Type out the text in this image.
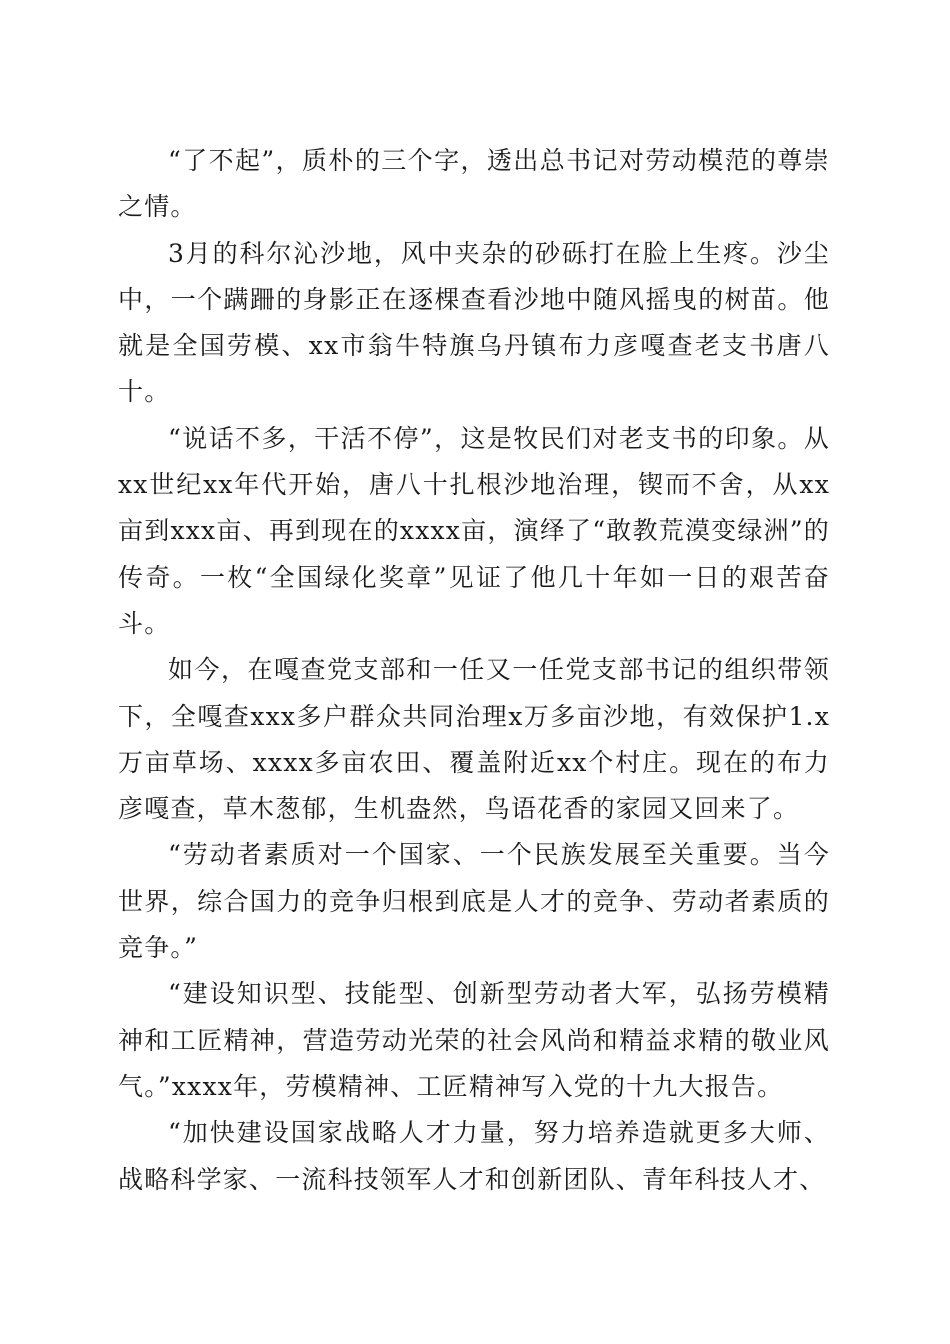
“了不起”，质朴的三个字，透出总书记对劳动模范的尊崇之情。

3月的科尔沁沙地，风中夹杂的砂砾打在脸上生疼。沙尘中，一个蹒跚的身影正在逐棵查看沙地中随风摇曳的树苗。他就是全国劳模、xx市翁牛特旗乌丹镇布力彦嘎查老支书唐八十。

“说话不多，干活不停”，这是牧民们对老支书的印象。从xx世纪xx年代开始，唐八十扎根沙地治理，锲而不舍，从xx亩到xxx亩、再到现在的xxxx亩，演绎了“敢教荒漠变绿洲”的传奇。一枚“全国绿化奖章”见证了他几十年如一日的艰苦奋斗。

如今，在嘎查党支部和一任又一任党支部书记的组织带领下，全嘎查xxx多户群众共同治理x万多亩沙地，有效保护1.x万亩草场、xxxx多亩农田、覆盖附近xx个村庄。现在的布力彦嘎查，草木葱郁，生机盎然，鸟语花香的家园又回来了。

“劳动者素质对一个国家、一个民族发展至关重要。当今世界，综合国力的竞争归根到底是人才的竞争、劳动者素质的竞争。”

“建设知识型、技能型、创新型劳动者大军，弘扬劳模精神和工匠精神，营造劳动光荣的社会风尚和精益求精的敬业风气。”xxxx年，劳模精神、工匠精神写入党的十九大报告。

“加快建设国家战略人才力量，努力培养造就更多大师、战略科学家、一流科技领军人才和创新团队、青年科技人才、
